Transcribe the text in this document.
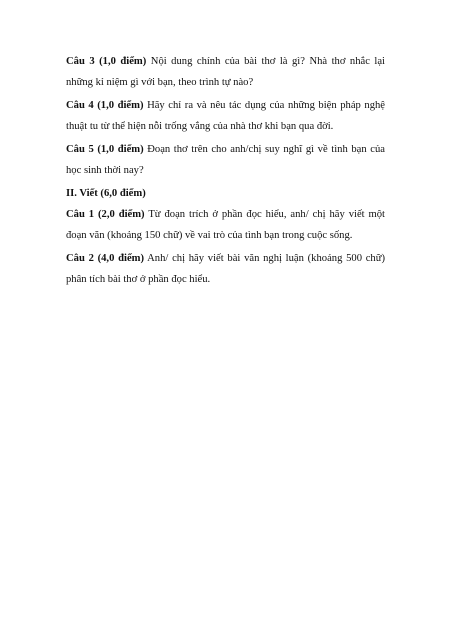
Câu 3 (1,0 điểm) Nội dung chính của bài thơ là gì? Nhà thơ nhắc lại những kỉ niệm gì với bạn, theo trình tự nào?

Câu 4 (1,0 điểm) Hãy chỉ ra và nêu tác dụng của những biện pháp nghệ thuật tu từ thể hiện nỗi trống vắng của nhà thơ khi bạn qua đời.

Câu 5 (1,0 điểm) Đoạn thơ trên cho anh/chị suy nghĩ gì về tình bạn của học sinh thời nay?

II. Viết (6,0 điểm)

Câu 1 (2,0 điểm) Từ đoạn trích ở phần đọc hiểu, anh/ chị hãy viết một đoạn văn (khoảng 150 chữ) về vai trò của tình bạn trong cuộc sống.

Câu 2 (4,0 điểm) Anh/ chị hãy viết bài văn nghị luận (khoảng 500 chữ) phân tích bài thơ ở phần đọc hiểu.
